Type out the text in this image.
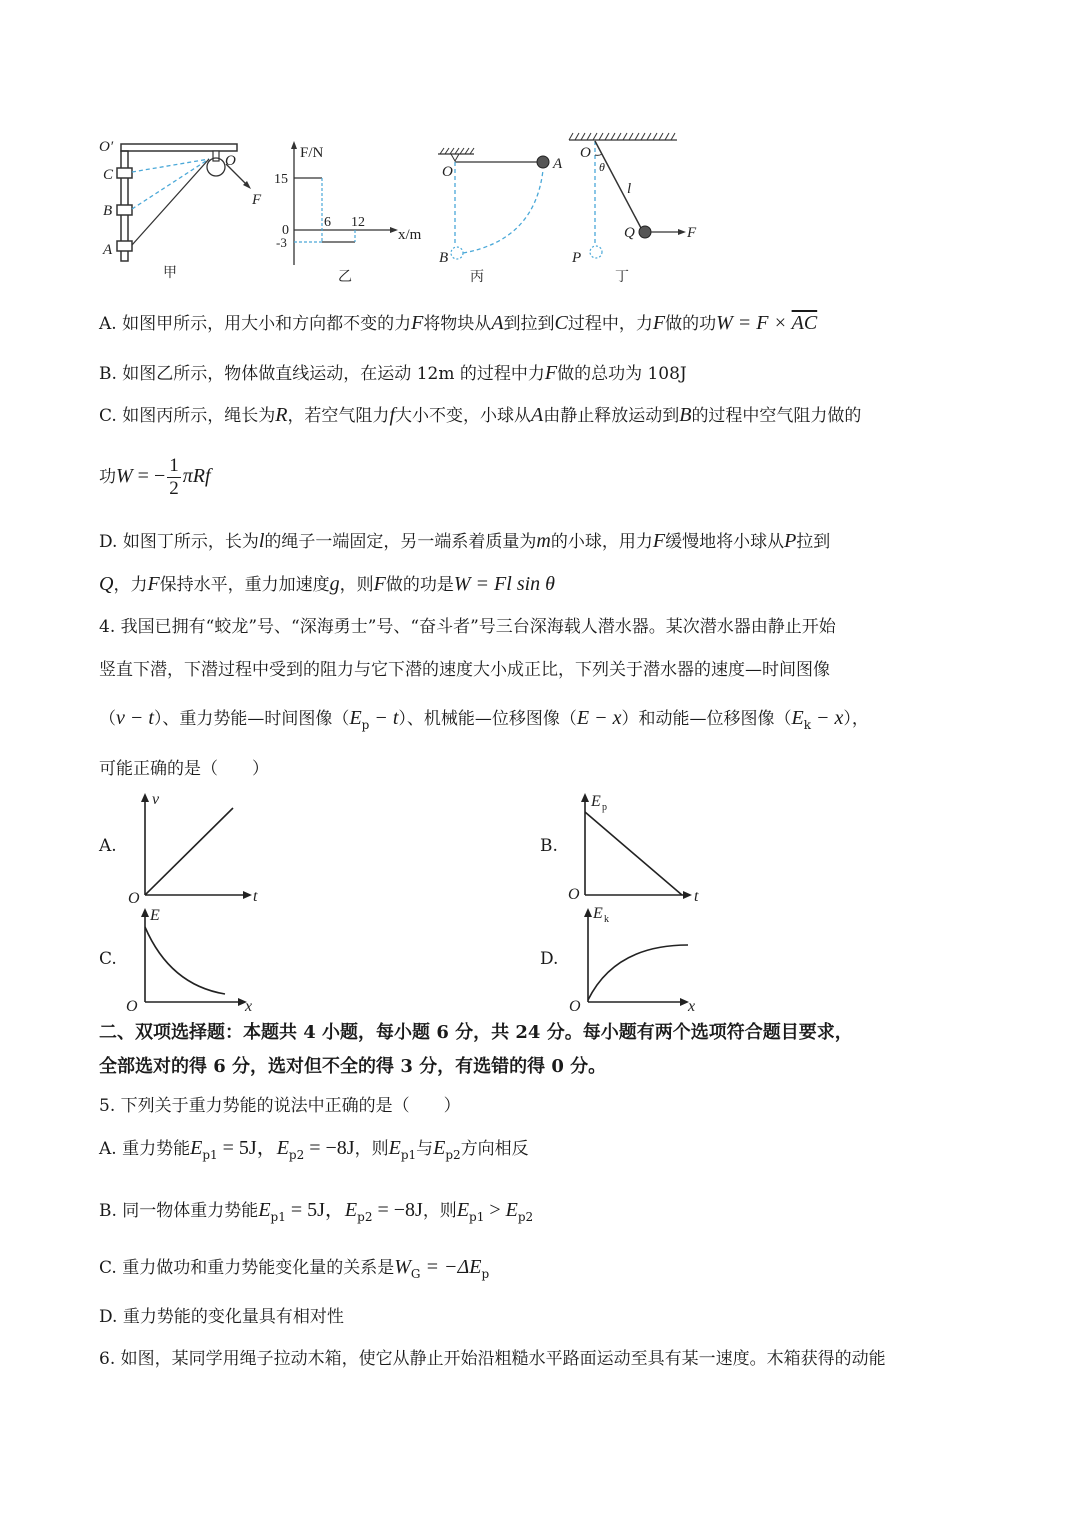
O′
C
B
A
O
F
甲
F/N
15
0
-3
6 12
x/m
乙
O	A
B
丙
O
θ
l
Q	F
P
丁
A. 如图甲所示，用大小和方向都不变的力F将物块从A到拉到C过程中，力F做的功$W = F \times \overline{AC}$
B. 如图乙所示，物体做直线运动，在运动 12m 的过程中力F做的总功为 108J
C. 如图丙所示，绳长为R，若空气阻力f大小不变，小球从A由静止释放运动到B的过程中空气阻力做的
功W = − $\frac{1}{2}$ πRf
D. 如图丁所示，长为l的绳子一端固定，另一端系着质量为m的小球，用力F缓慢地将小球从P拉到
Q，力F保持水平，重力加速度g，则F做的功是W = Fl sin θ
4. 我国已拥有“蛟龙”号、“深海勇士”号、“奋斗者”号三台深海载人潜水器。某次潜水器由静止开始
竖直下潜，下潜过程中受到的阻力与它下潜的速度大小成正比，下列关于潜水器的速度—时间图像
（v − t）、重力势能—时间图像$(E_p - t)$、机械能—位移图像（E − x）和动能—位移图像$(E_k - x)$，
可能正确的是（　　）
A.
v
t
O
B.
E p
t
O
C.
E
x
O
D.
E k
x
O
二、双项选择题：本题共 4 小题，每小题 6 分，共 24 分。每小题有两个选项符合题目要求，
全部选对的得 6 分，选对但不全的得 3 分，有选错的得 0 分。
5. 下列关于重力势能的说法中正确的是（　　）
A. 重力势能$E_{p1} = 5J$，$E_{p2} = -8J$，则$E_{p1}$与$E_{p2}$方向相反
B. 同一物体重力势能$E_{p1} = 5J$，$E_{p2} = -8J$，则$E_{p1} > E_{p2}$
C. 重力做功和重力势能变化量的关系是$W_G = -\Delta E_p$
D. 重力势能的变化量具有相对性
6. 如图，某同学用绳子拉动木箱，使它从静止开始沿粗糙水平路面运动至具有某一速度。木箱获得的动能
